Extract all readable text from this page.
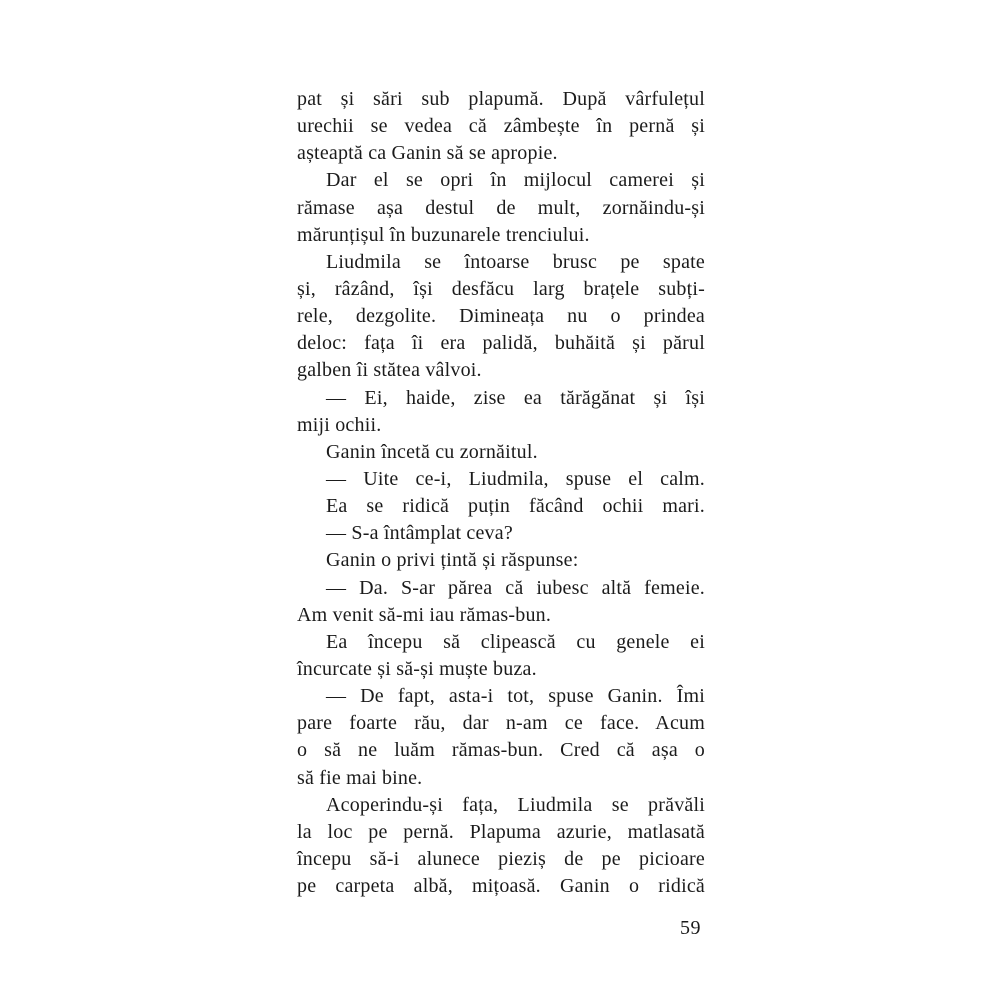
pat și sări sub plapumă. După vârfulețul
urechii se vedea că zâmbește în pernă și
așteaptă ca Ganin să se apropie.
Dar el se opri în mijlocul camerei și
rămase așa destul de mult, zornăindu-și
mărunțișul în buzunarele trenciului.
Liudmila se întoarse brusc pe spate
și, râzând, își desfăcu larg brațele subți-
rele, dezgolite. Dimineața nu o prindea
deloc: fața îi era palidă, buhăită și părul
galben îi stătea vâlvoi.
— Ei, haide, zise ea tărăgănat și își
miji ochii.
Ganin încetă cu zornăitul.
— Uite ce-i, Liudmila, spuse el calm.
Ea se ridică puțin făcând ochii mari.
— S-a întâmplat ceva?
Ganin o privi țintă și răspunse:
— Da. S-ar părea că iubesc altă femeie.
Am venit să-mi iau rămas-bun.
Ea începu să clipească cu genele ei
încurcate și să-și muște buza.
— De fapt, asta-i tot, spuse Ganin. Îmi
pare foarte rău, dar n-am ce face. Acum
o să ne luăm rămas-bun. Cred că așa o
să fie mai bine.
Acoperindu-și fața, Liudmila se prăvăli
la loc pe pernă. Plapuma azurie, matlasată
începu să-i alunece pieziș de pe picioare
pe carpeta albă, mițoasă. Ganin o ridică
59
